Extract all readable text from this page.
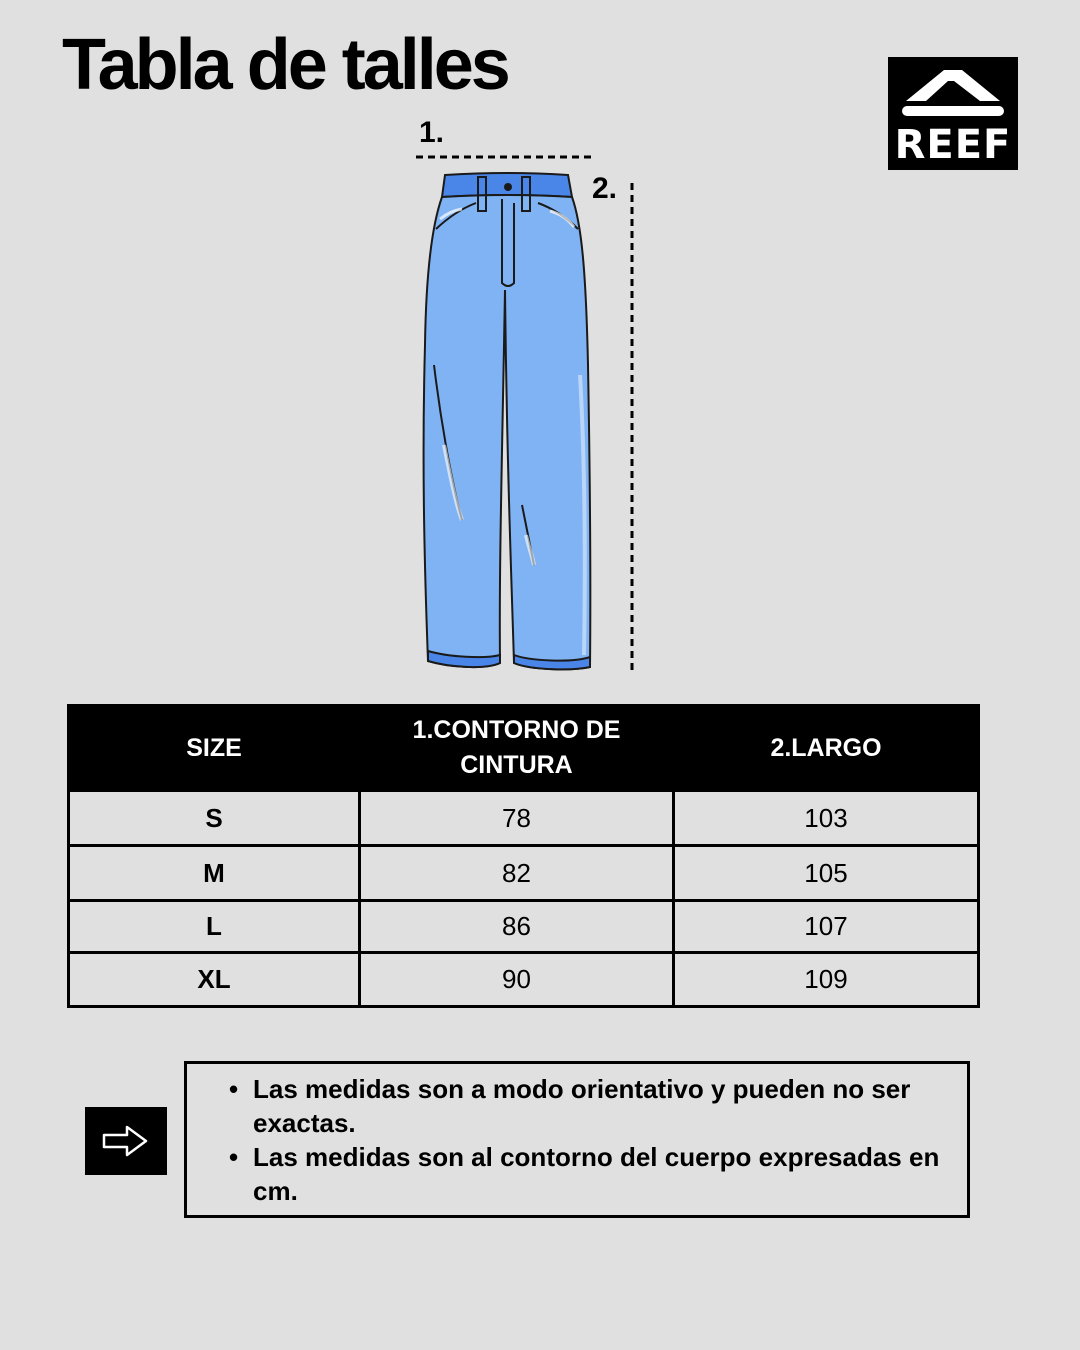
Tabla de talles
REEF
1.
2.
SIZE	1.CONTORNO DE CINTURA	2.LARGO
S	78	103
M	82	105
L	86	107
XL	90	109
• Las medidas son a modo orientativo y pueden no ser exactas.
• Las medidas son al contorno del cuerpo expresadas en cm.
